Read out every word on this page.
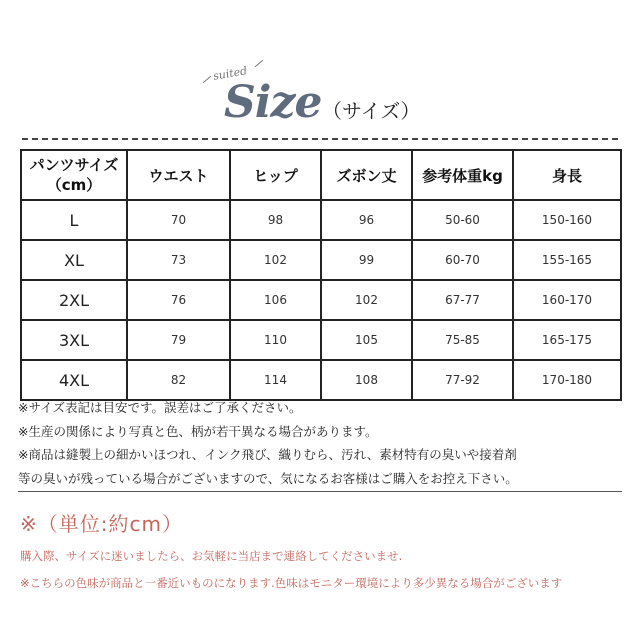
suited
Size （サイズ）
パンツサイズ
（cm）	ウエスト	ヒップ	ズボン丈	参考体重kg	身長
L	70	98	96	50-60	150-160
XL	73	102	99	60-70	155-165
2XL	76	106	102	67-77	160-170
3XL	79	110	105	75-85	165-175
4XL	82	114	108	77-92	170-180
※サイズ表記は目安です。誤差はご了承ください。
※生産の関係により写真と色、柄が若干異なる場合があります。
※商品は縫製上の細かいほつれ、インク飛び、織りむら、汚れ、素材特有の臭いや接着剤
等の臭いが残っている場合がございますので、気になるお客様はご購入をお控え下さい。
※（単位:約cm）
購入際、サイズに迷いましたら、お気軽に当店まで連絡してくださいませ.
※こちらの色味が商品と一番近いものになります.色味はモニター環境により多少異なる場合がございます
